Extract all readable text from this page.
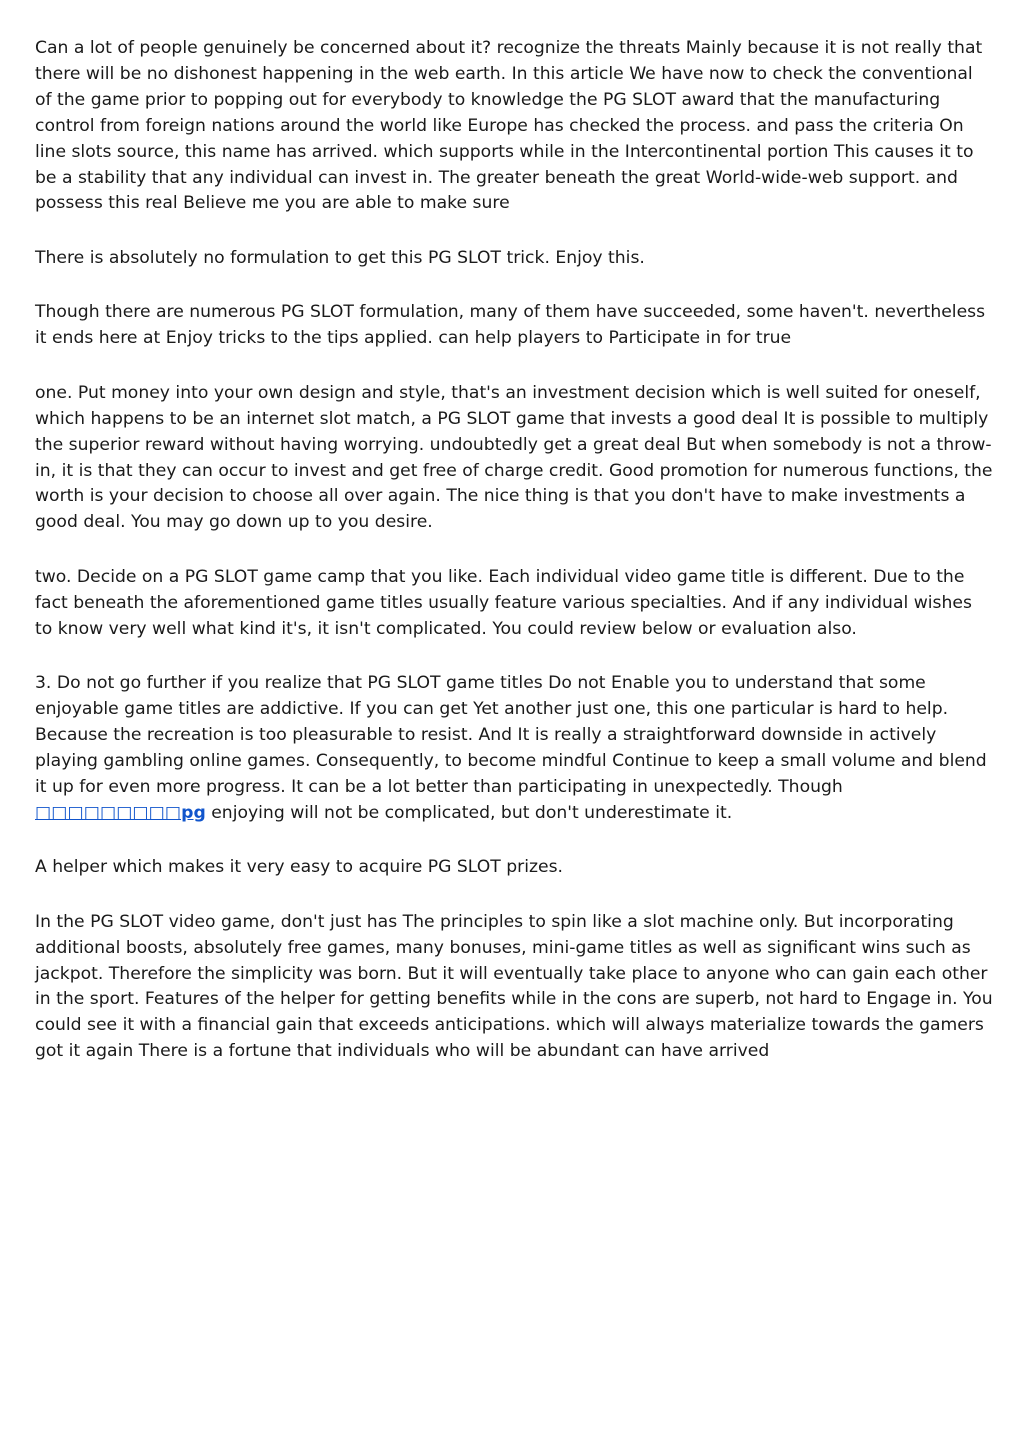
Can a lot of people genuinely be concerned about it? recognize the threats Mainly because it is not really that there will be no dishonest happening in the web earth. In this article We have now to check the conventional of the game prior to popping out for everybody to knowledge the PG SLOT award that the manufacturing control from foreign nations around the world like Europe has checked the process. and pass the criteria On line slots source, this name has arrived. which supports while in the Intercontinental portion This causes it to be a stability that any individual can invest in. The greater beneath the great World-wide-web support. and possess this real Believe me you are able to make sure

There is absolutely no formulation to get this PG SLOT trick. Enjoy this.

Though there are numerous PG SLOT formulation, many of them have succeeded, some haven't. nevertheless it ends here at Enjoy tricks to the tips applied. can help players to Participate in for true

one. Put money into your own design and style, that's an investment decision which is well suited for oneself, which happens to be an internet slot match, a PG SLOT game that invests a good deal It is possible to multiply the superior reward without having worrying. undoubtedly get a great deal But when somebody is not a throw-in, it is that they can occur to invest and get free of charge credit. Good promotion for numerous functions, the worth is your decision to choose all over again. The nice thing is that you don't have to make investments a good deal. You may go down up to you desire.

two. Decide on a PG SLOT game camp that you like. Each individual video game title is different. Due to the fact beneath the aforementioned game titles usually feature various specialties. And if any individual wishes to know very well what kind it's, it isn't complicated. You could review below or evaluation also.

3. Do not go further if you realize that PG SLOT game titles Do not Enable you to understand that some enjoyable game titles are addictive. If you can get Yet another just one, this one particular is hard to help. Because the recreation is too pleasurable to resist. And It is really a straightforward downside in actively playing gambling online games. Consequently, to become mindful Continue to keep a small volume and blend it up for even more progress. It can be a lot better than participating in unexpectedly. Though □□□□□□□□□pg enjoying will not be complicated, but don't underestimate it.

A helper which makes it very easy to acquire PG SLOT prizes.

In the PG SLOT video game, don't just has The principles to spin like a slot machine only. But incorporating additional boosts, absolutely free games, many bonuses, mini-game titles as well as significant wins such as jackpot. Therefore the simplicity was born. But it will eventually take place to anyone who can gain each other in the sport. Features of the helper for getting benefits while in the cons are superb, not hard to Engage in. You could see it with a financial gain that exceeds anticipations. which will always materialize towards the gamers got it again There is a fortune that individuals who will be abundant can have arrived
